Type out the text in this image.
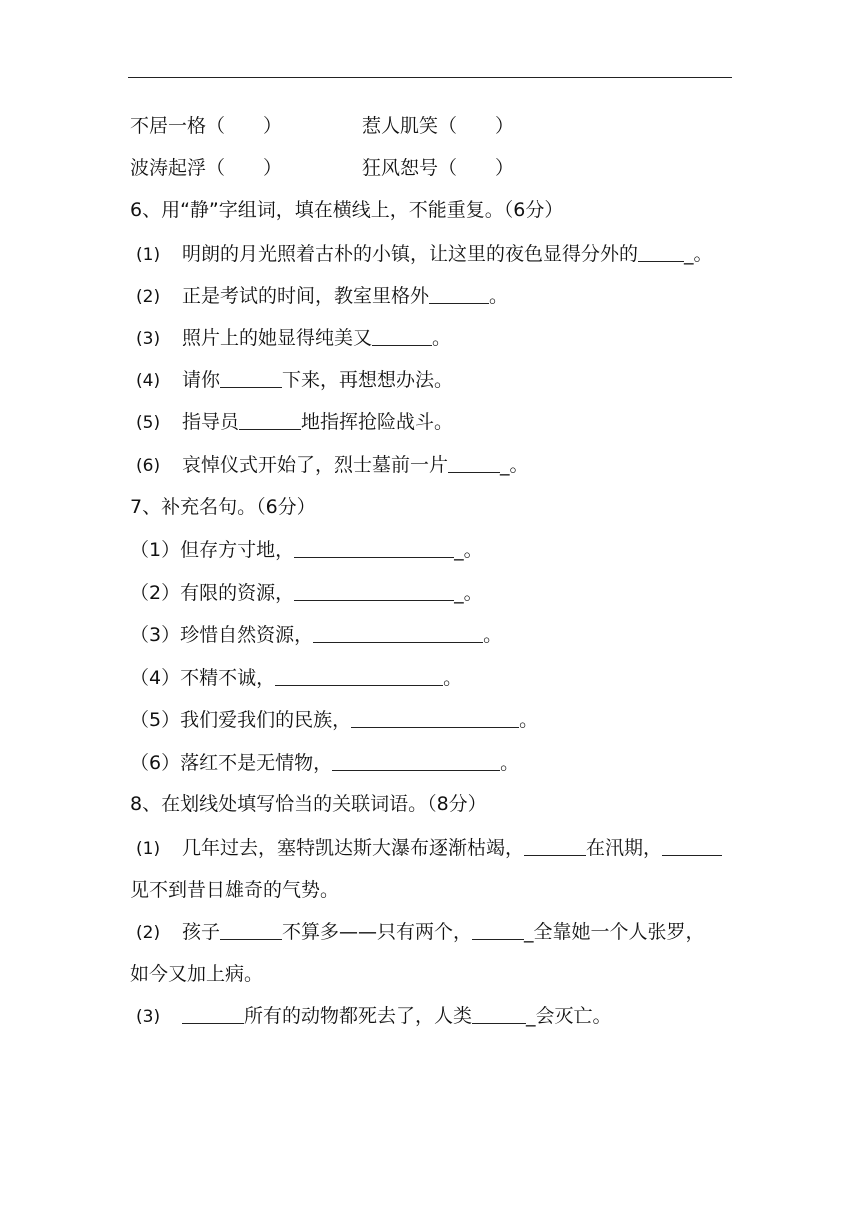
不居一格（　　）	惹人肌笑（　　）
波涛起浮（　　）	狂风恕号（　　）
6、用“静”字组词，填在横线上，不能重复。（6分）
(1) 明朗的月光照着古朴的小镇，让这里的夜色显得分外的 _。
(2) 正是考试的时间，教室里格外	。
(3) 照片上的她显得纯美又	。
(4) 请你	下来，再想想办法。
(5) 指导员	地指挥抢险战斗。
(6) 哀悼仪式开始了，烈士墓前一片	_。
7、补充名句。（6分）
（1）但存方寸地，	_。
（2）有限的资源，	_。
（3）珍惜自然资源，	。
（4）不精不诚，	。
（5）我们爱我们的民族，	。
（6）落红不是无情物，	。
8、在划线处填写恰当的关联词语。（8分）
(1) 几年过去，塞特凯达斯大瀑布逐渐枯竭，	在汛期，
见不到昔日雄奇的气势。
(2) 孩子	不算多——只有两个，	_全靠她一个人张罗，
如今又加上病。
(3)	所有的动物都死去了，人类	_会灭亡。
